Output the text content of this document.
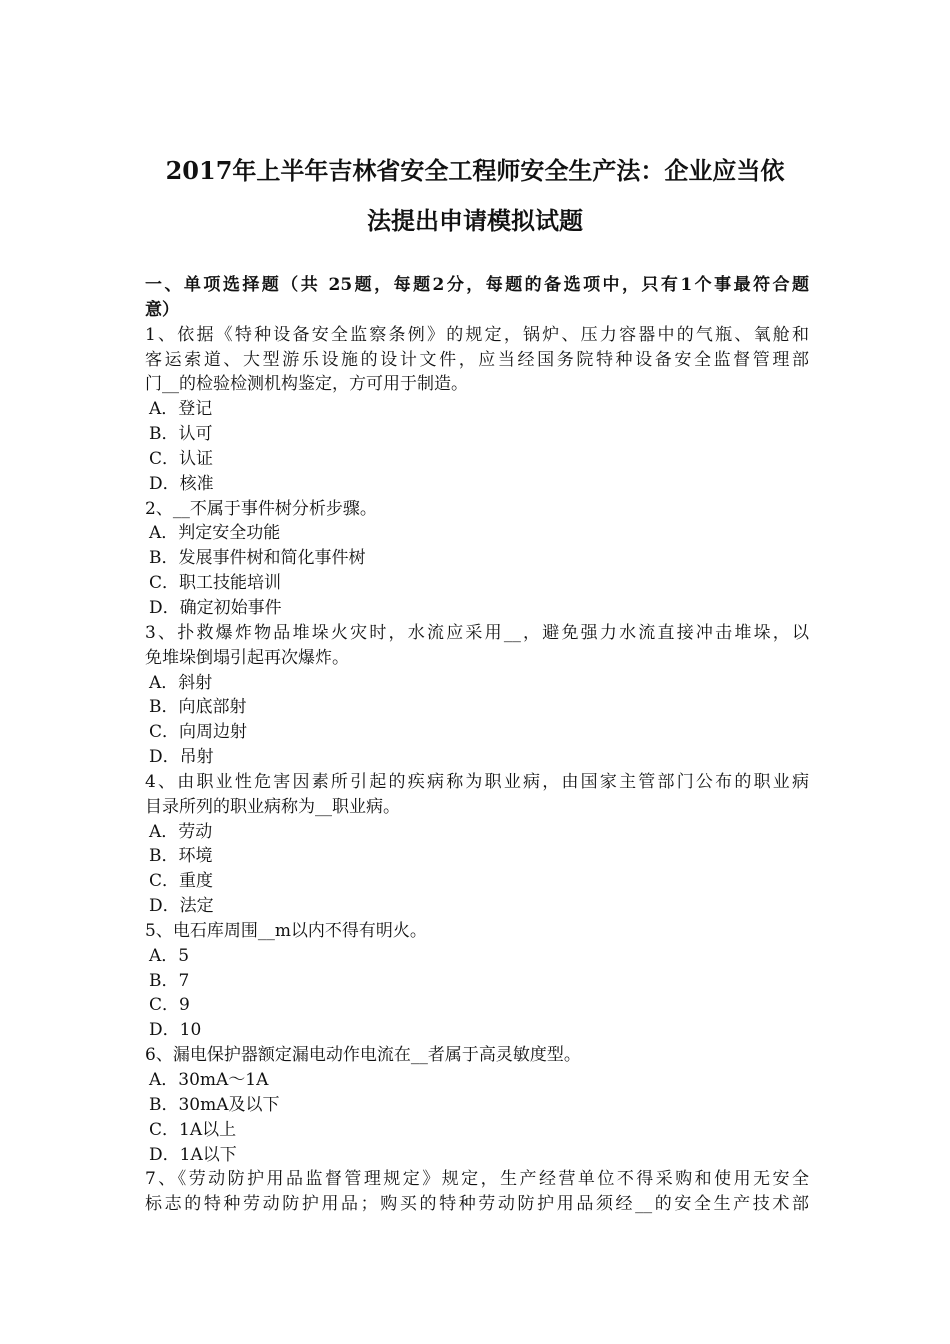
2017年上半年吉林省安全工程师安全生产法：企业应当依
法提出申请模拟试题
一、单项选择题（共 25题，每题2分，每题的备选项中，只有1个事最符合题
意）
1、依据《特种设备安全监察条例》的规定，锅炉、压力容器中的气瓶、氧舱和
客运索道、大型游乐设施的设计文件，应当经国务院特种设备安全监督管理部
门__的检验检测机构鉴定，方可用于制造。
A．登记
B．认可
C．认证
D．核准
2、__不属于事件树分析步骤。
A．判定安全功能
B．发展事件树和简化事件树
C．职工技能培训
D．确定初始事件
3、扑救爆炸物品堆垛火灾时，水流应采用__，避免强力水流直接冲击堆垛，以
免堆垛倒塌引起再次爆炸。
A．斜射
B．向底部射
C．向周边射
D．吊射
4、由职业性危害因素所引起的疾病称为职业病，由国家主管部门公布的职业病
目录所列的职业病称为__职业病。
A．劳动
B．环境
C．重度
D．法定
5、电石库周围__m以内不得有明火。
A．5
B．7
C．9
D．10
6、漏电保护器额定漏电动作电流在__者属于高灵敏度型。
A．30mA～1A
B．30mA及以下
C．1A以上
D．1A以下
7、《劳动防护用品监督管理规定》规定，生产经营单位不得采购和使用无安全
标志的特种劳动防护用品；购买的特种劳动防护用品须经__的安全生产技术部
